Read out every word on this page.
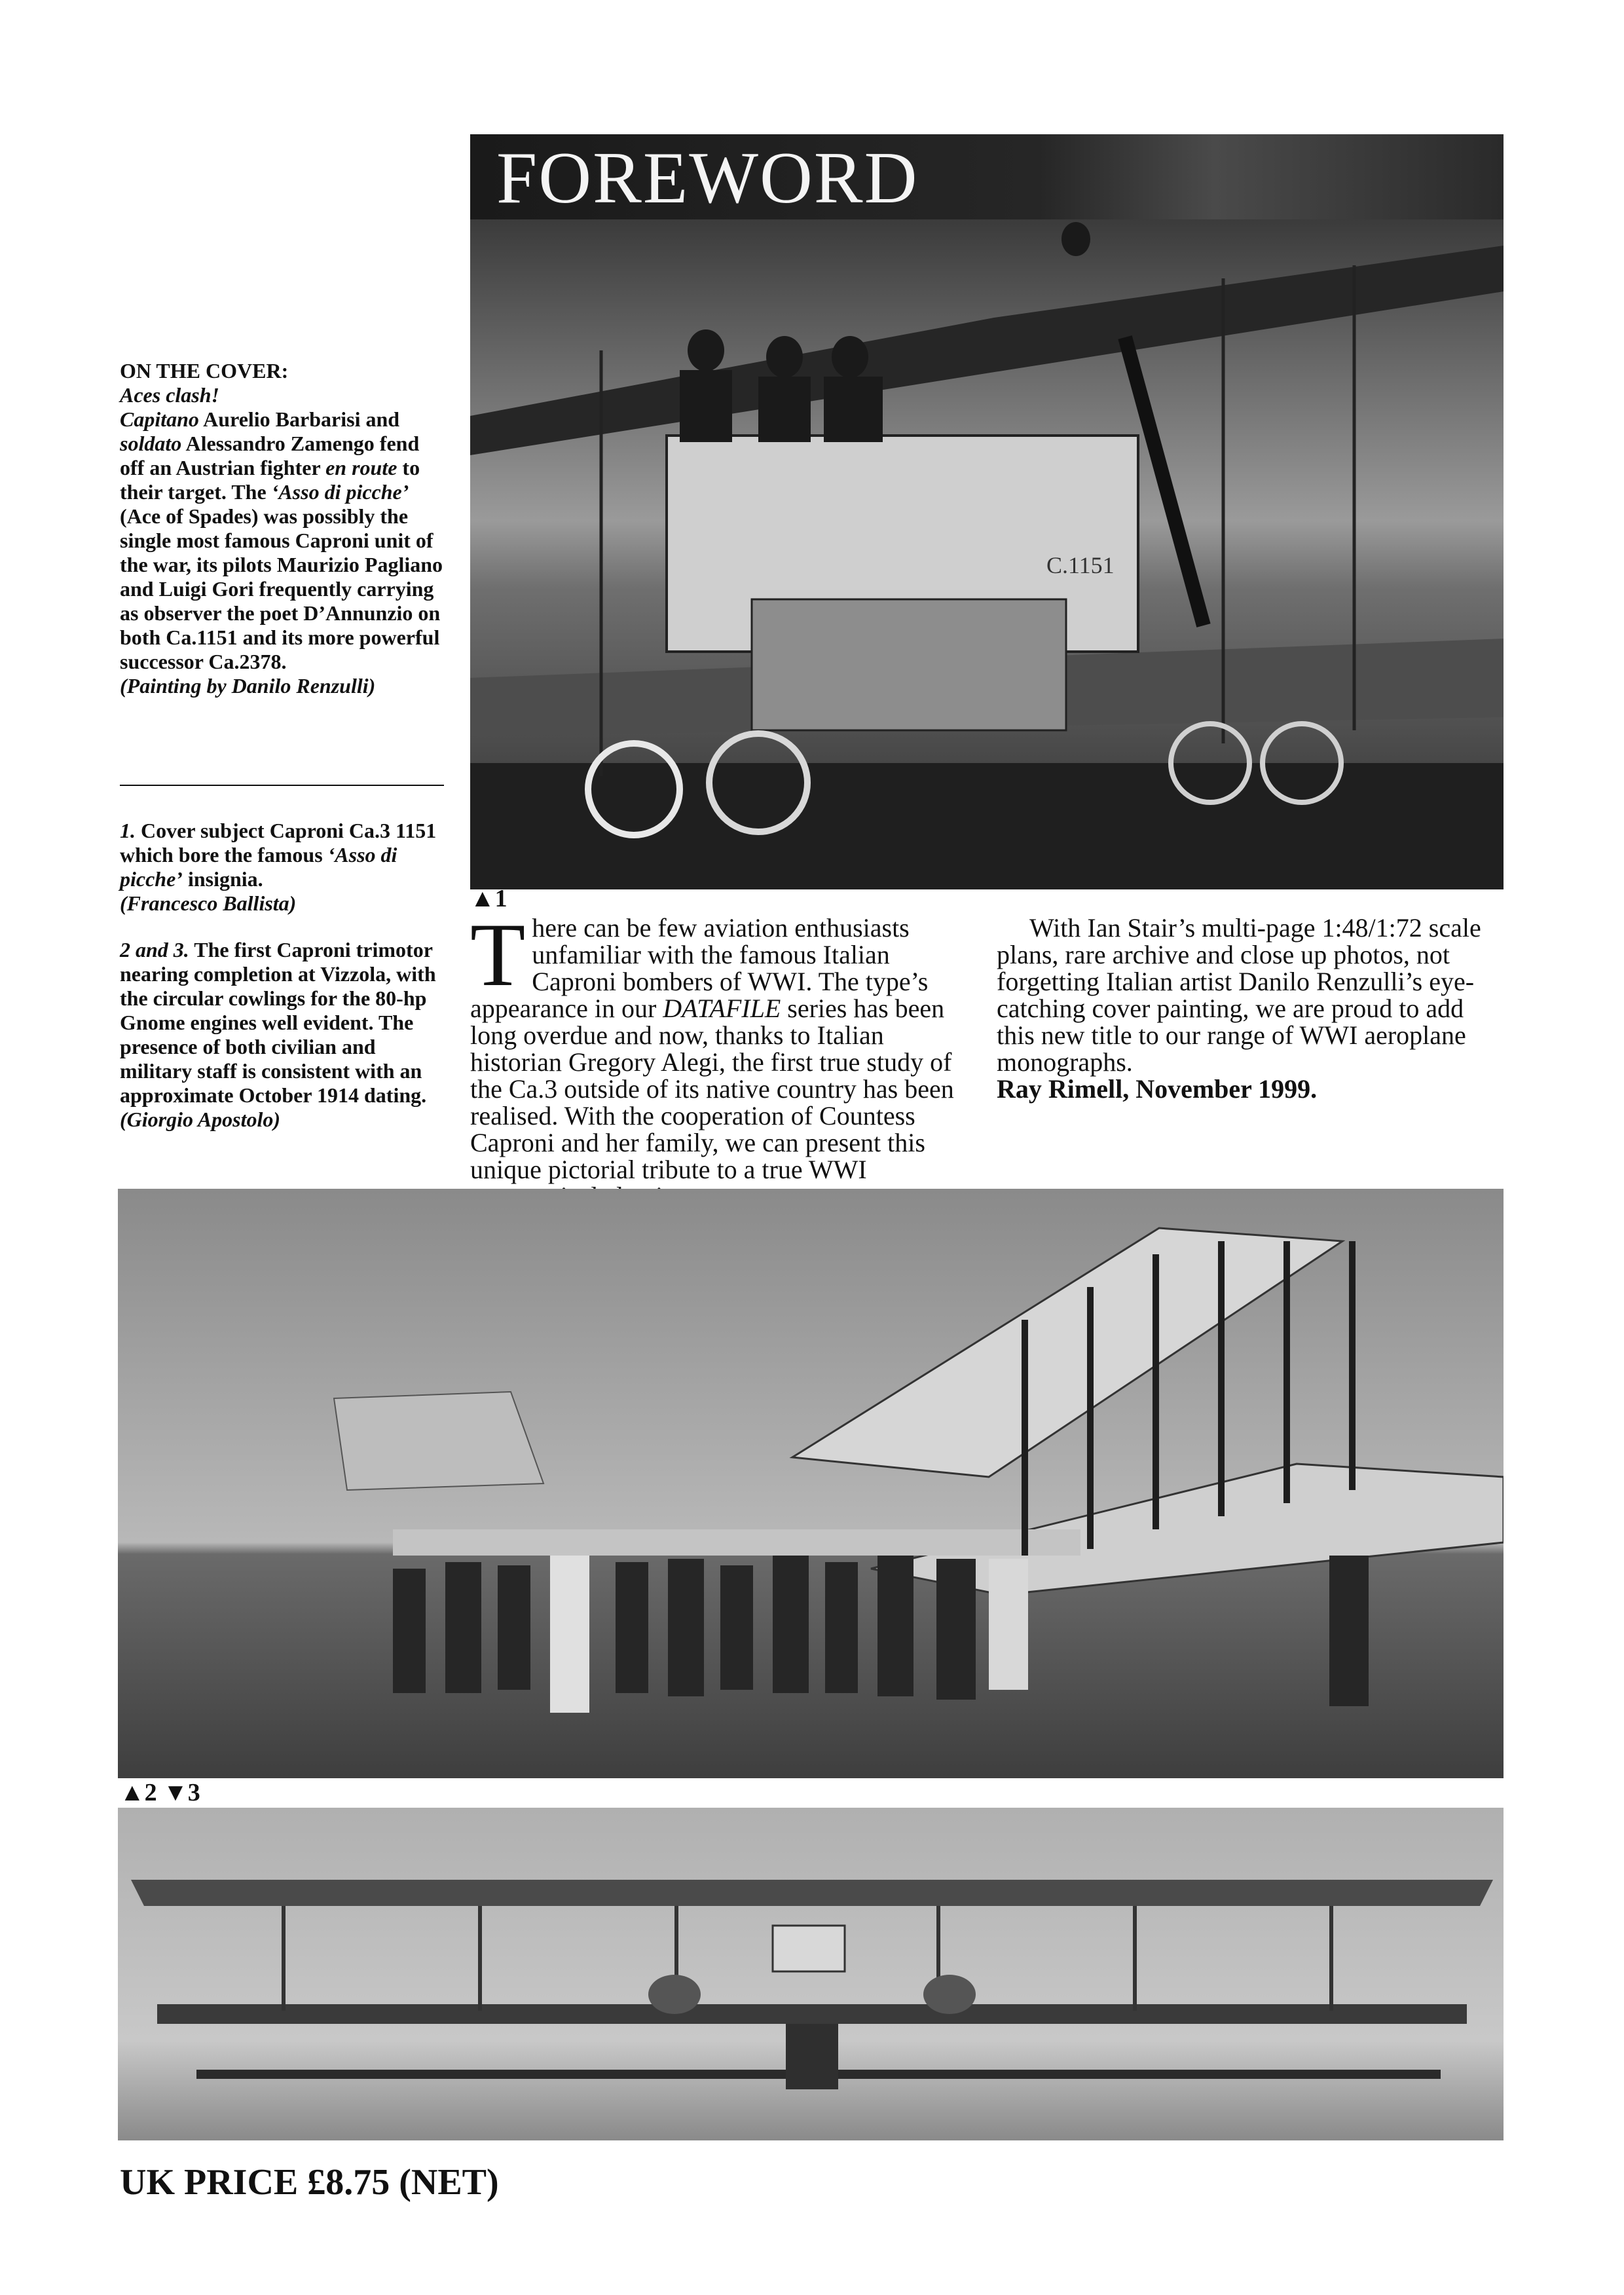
FOREWORD
C.1151
▲1
ON THE COVER:
Aces clash!
Capitano Aurelio Barbarisi and soldato Alessandro Zamengo fend off an Austrian fighter en route to their target. The ‘Asso di picche’ (Ace of Spades) was possibly the single most famous Caproni unit of the war, its pilots Maurizio Pagliano and Luigi Gori frequently carrying as observer the poet D’Annunzio on both Ca.1151 and its more powerful successor Ca.2378.
(Painting by Danilo Renzulli)
1. Cover subject Caproni Ca.3 1151 which bore the famous ‘Asso di picche’ insignia.
(Francesco Ballista)
2 and 3. The first Caproni trimotor nearing completion at Vizzola, with the circular cowlings for the 80-hp Gnome engines well evident. The presence of both civilian and military staff is consistent with an approximate October 1914 dating. (Giorgio Apostolo)
There can be few aviation enthusiasts unfamiliar with the famous Italian Caproni bombers of WWI. The type’s appearance in our DATAFILE series has been long overdue and now, thanks to Italian historian Gregory Alegi, the first true study of the Ca.3 outside of its native country has been realised. With the cooperation of Countess Caproni and her family, we can present this unique pictorial tribute to a true WWI
With Ian Stair’s multi-page 1:48/1:72 scale plans, rare archive and close up photos, not forgetting Italian artist Danilo Renzulli’s eye-catching cover painting, we are proud to add this new title to our range of WWI aeroplane monographs.
Ray Rimell, November 1999.
▲2 ▼3
UK PRICE £8.75 (NET)
